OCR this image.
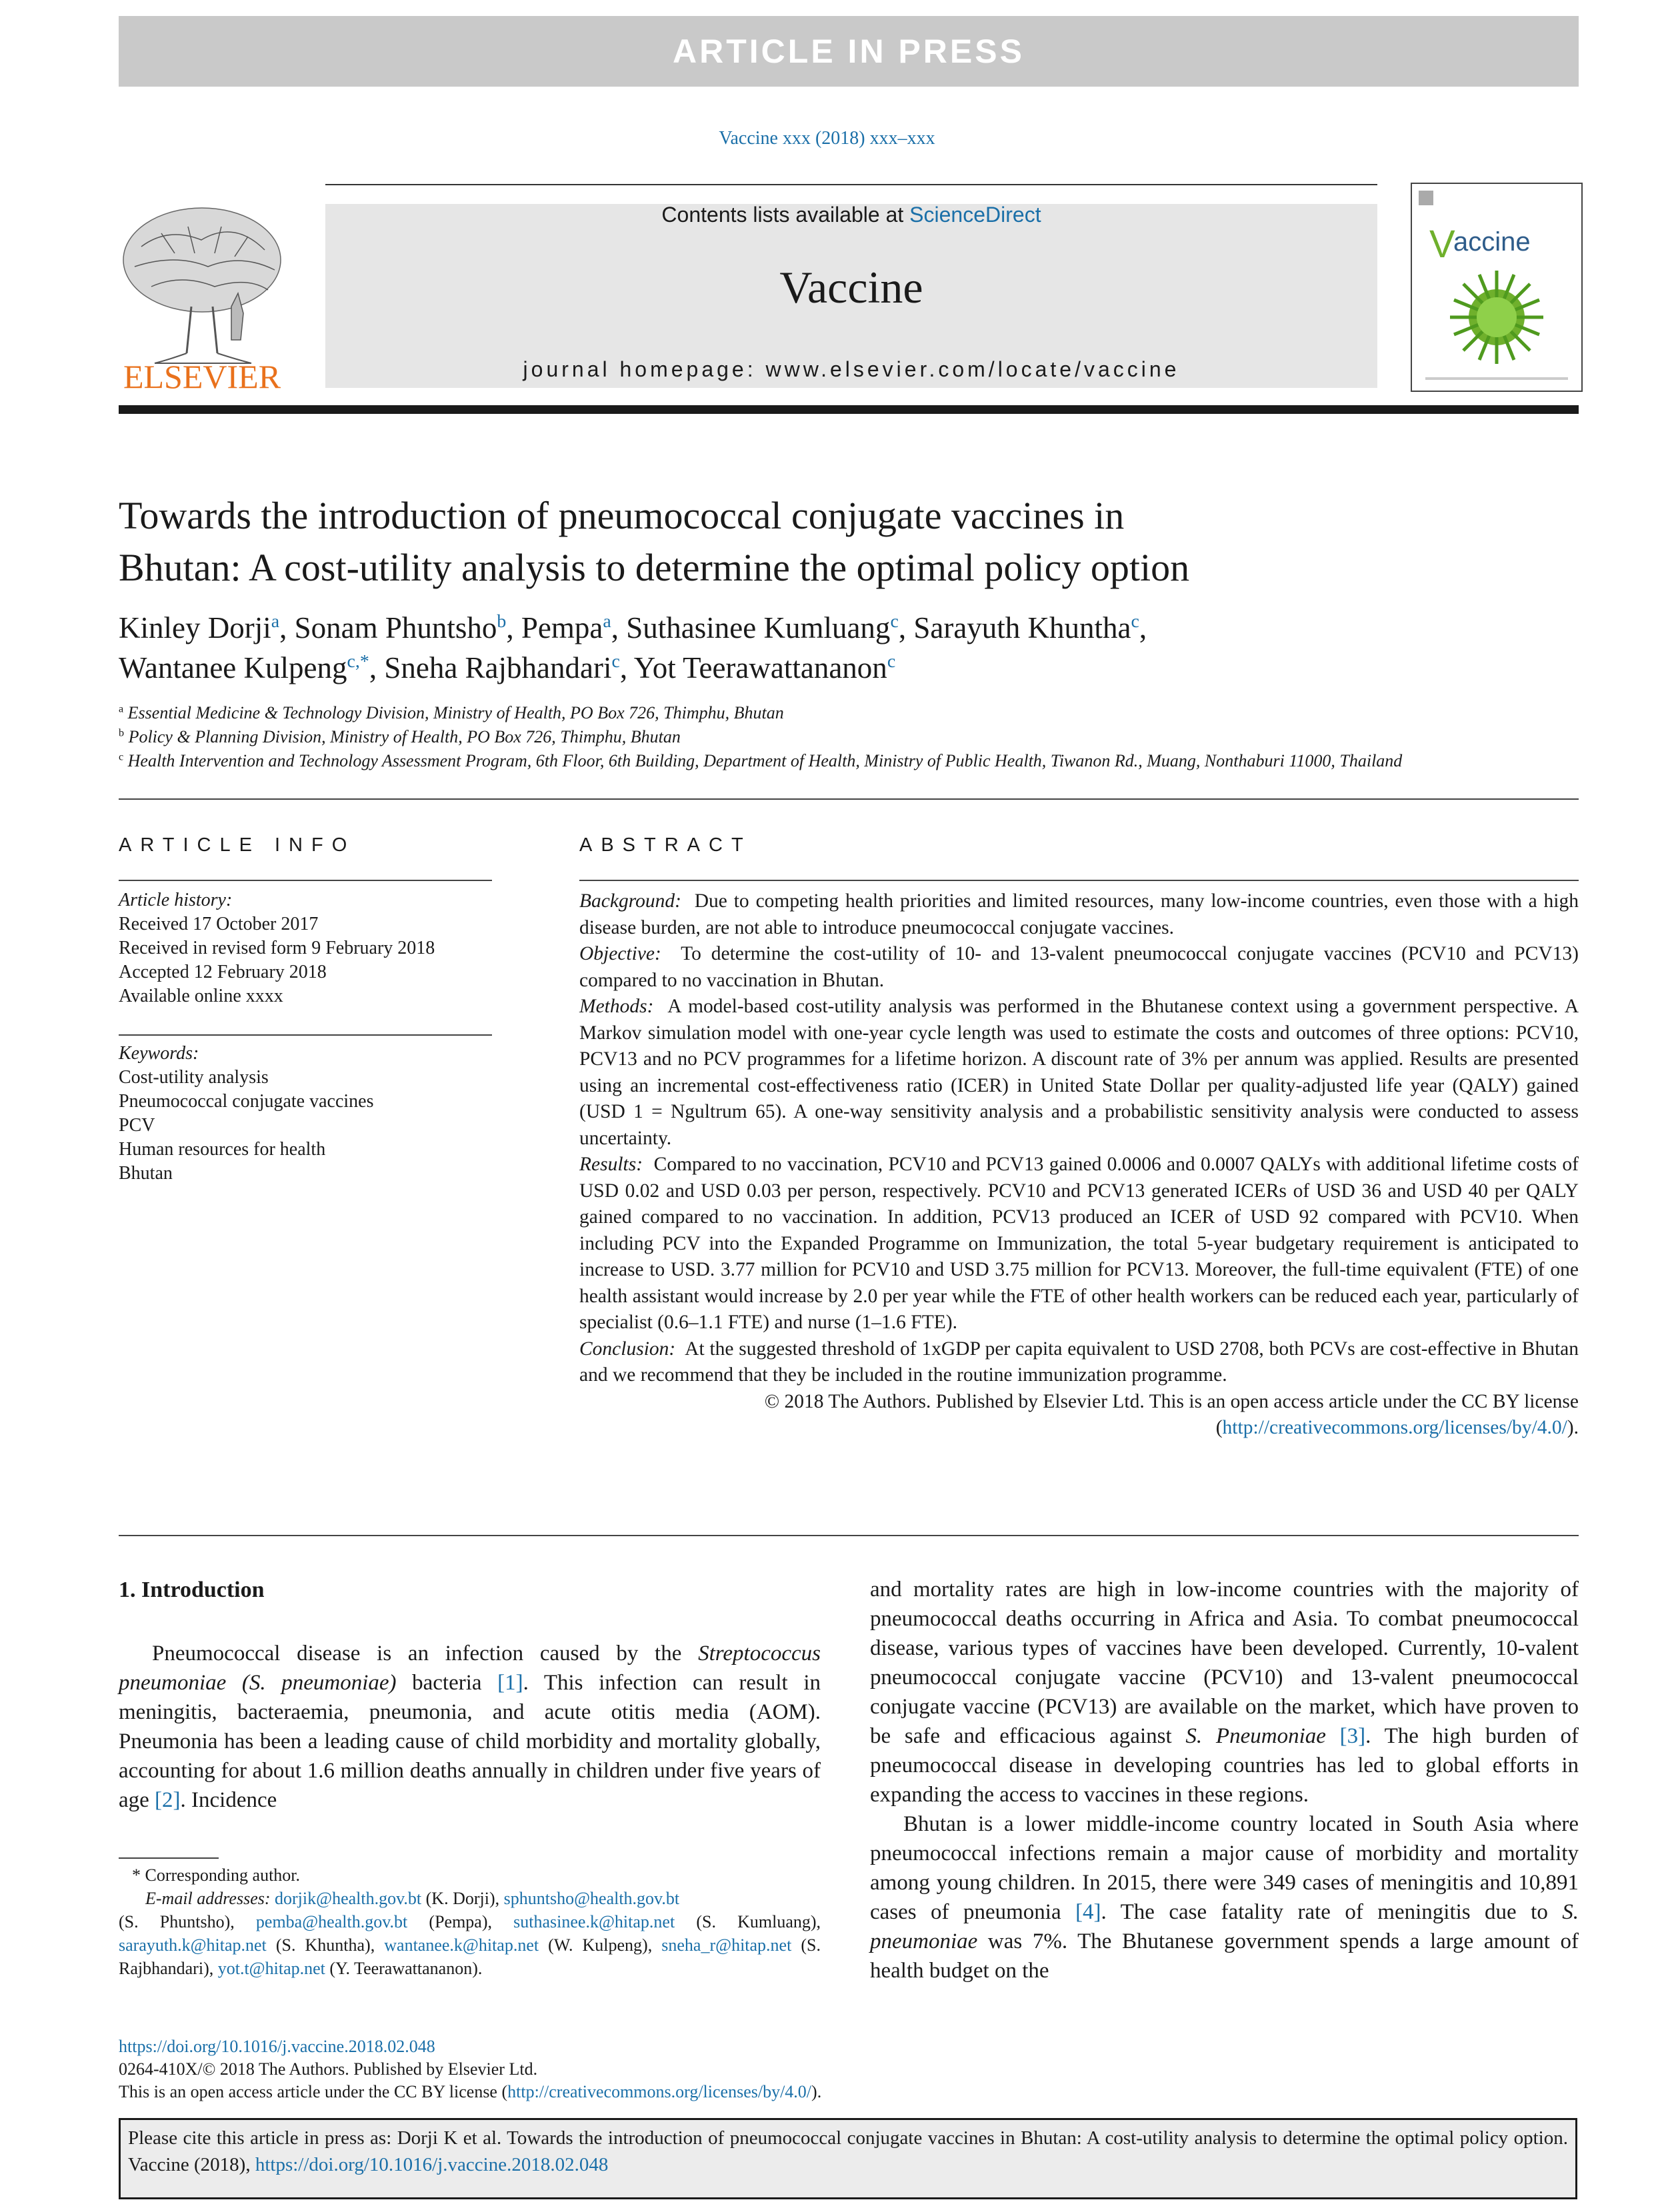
ARTICLE IN PRESS
Vaccine xxx (2018) xxx–xxx
ELSEVIER
Contents lists available at ScienceDirect
Vaccine
journal homepage: www.elsevier.com/locate/vaccine
V
accine
Towards the introduction of pneumococcal conjugate vaccines in
Bhutan: A cost-utility analysis to determine the optimal policy option
Kinley Dorji$^a$, Sonam Phuntsho$^b$, Pempa$^a$, Suthasinee Kumluang$^c$, Sarayuth Khuntha$^c$,
Wantanee Kulpeng$^{c,*}$, Sneha Rajbhandari$^c$, Yot Teerawattananon$^c$
$^a$ Essential Medicine & Technology Division, Ministry of Health, PO Box 726, Thimphu, Bhutan
$^b$ Policy & Planning Division, Ministry of Health, PO Box 726, Thimphu, Bhutan
$^c$ Health Intervention and Technology Assessment Program, 6th Floor, 6th Building, Department of Health, Ministry of Public Health, Tiwanon Rd., Muang, Nonthaburi 11000, Thailand
ARTICLE INFO	ABSTRACT
Article history:
Received 17 October 2017
Received in revised form 9 February 2018
Accepted 12 February 2018
Available online xxxx
Keywords:
Cost-utility analysis
Pneumococcal conjugate vaccines
PCV
Human resources for health
Bhutan

Background: Due to competing health priorities and limited resources, many low-income countries, even those with a high disease burden, are not able to introduce pneumococcal conjugate vaccines.

Objective: To determine the cost-utility of 10- and 13-valent pneumococcal conjugate vaccines (PCV10 and PCV13) compared to no vaccination in Bhutan.

Methods: A model-based cost-utility analysis was performed in the Bhutanese context using a government perspective. A Markov simulation model with one-year cycle length was used to estimate the costs and outcomes of three options: PCV10, PCV13 and no PCV programmes for a lifetime horizon. A discount rate of 3% per annum was applied. Results are presented using an incremental cost-effectiveness ratio (ICER) in United State Dollar per quality-adjusted life year (QALY) gained (USD 1 = Ngultrum 65). A one-way sensitivity analysis and a probabilistic sensitivity analysis were conducted to assess uncertainty.

Results: Compared to no vaccination, PCV10 and PCV13 gained 0.0006 and 0.0007 QALYs with additional lifetime costs of USD 0.02 and USD 0.03 per person, respectively. PCV10 and PCV13 generated ICERs of USD 36 and USD 40 per QALY gained compared to no vaccination. In addition, PCV13 produced an ICER of USD 92 compared with PCV10. When including PCV into the Expanded Programme on Immunization, the total 5-year budgetary requirement is anticipated to increase to USD. 3.77 million for PCV10 and USD 3.75 million for PCV13. Moreover, the full-time equivalent (FTE) of one health assistant would increase by 2.0 per year while the FTE of other health workers can be reduced each year, particularly of specialist (0.6–1.1 FTE) and nurse (1–1.6 FTE).

Conclusion: At the suggested threshold of 1xGDP per capita equivalent to USD 2708, both PCVs are cost-effective in Bhutan and we recommend that they be included in the routine immunization programme.

© 2018 The Authors. Published by Elsevier Ltd. This is an open access article under the CC BY license (http://creativecommons.org/licenses/by/4.0/).

1. Introduction

Pneumococcal disease is an infection caused by the Streptococcus pneumoniae (S. pneumoniae) bacteria [1]. This infection can result in meningitis, bacteraemia, pneumonia, and acute otitis media (AOM). Pneumonia has been a leading cause of child morbidity and mortality globally, accounting for about 1.6 million deaths annually in children under five years of age [2]. Incidence

and mortality rates are high in low-income countries with the majority of pneumococcal deaths occurring in Africa and Asia. To combat pneumococcal disease, various types of vaccines have been developed. Currently, 10-valent pneumococcal conjugate vaccine (PCV10) and 13-valent pneumococcal conjugate vaccine (PCV13) are available on the market, which have proven to be safe and efficacious against S. Pneumoniae [3]. The high burden of pneumococcal disease in developing countries has led to global efforts in expanding the access to vaccines in these regions.

Bhutan is a lower middle-income country located in South Asia where pneumococcal infections remain a major cause of morbidity and mortality among young children. In 2015, there were 349 cases of meningitis and 10,891 cases of pneumonia [4]. The case fatality rate of meningitis due to S. pneumoniae was 7%. The Bhutanese government spends a large amount of health budget on the

* Corresponding author.
E-mail addresses: dorjik@health.gov.bt (K. Dorji), sphuntsho@health.gov.bt
(S. Phuntsho), pemba@health.gov.bt (Pempa), suthasinee.k@hitap.net (S. Kumluang), sarayuth.k@hitap.net (S. Khuntha), wantanee.k@hitap.net (W. Kulpeng), sneha_r@hitap.net (S. Rajbhandari), yot.t@hitap.net (Y. Teerawattananon).
https://doi.org/10.1016/j.vaccine.2018.02.048
0264-410X/© 2018 The Authors. Published by Elsevier Ltd.
This is an open access article under the CC BY license (http://creativecommons.org/licenses/by/4.0/).
Please cite this article in press as: Dorji K et al. Towards the introduction of pneumococcal conjugate vaccines in Bhutan: A cost-utility analysis to determine the optimal policy option. Vaccine (2018), https://doi.org/10.1016/j.vaccine.2018.02.048
